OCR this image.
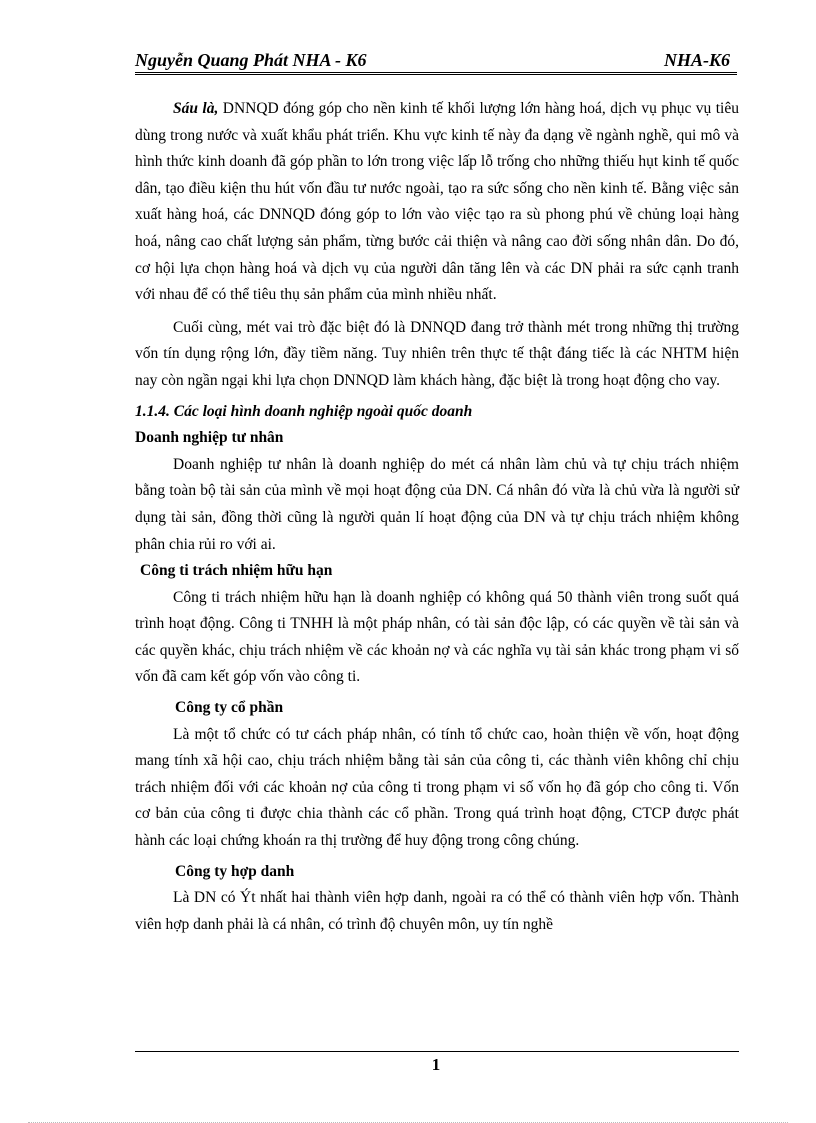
Nguyễn Quang Phát NHA - K6	NHA-K6

Sáu là, DNNQD đóng góp cho nền kinh tế khối lượng lớn hàng hoá, dịch vụ phục vụ tiêu dùng trong nước và xuất khẩu phát triển. Khu vực kinh tế này đa dạng về ngành nghề, qui mô và hình thức kinh doanh đã góp phần to lớn trong việc lấp lỗ trống cho những thiếu hụt kinh tế quốc dân, tạo điều kiện thu hút vốn đầu tư nước ngoài, tạo ra sức sống cho nền kinh tế. Bằng việc sản xuất hàng hoá, các DNNQD đóng góp to lớn vào việc tạo ra sù phong phú về chủng loại hàng hoá, nâng cao chất lượng sản phẩm, từng bước cải thiện và nâng cao đời sống nhân dân. Do đó, cơ hội lựa chọn hàng hoá và dịch vụ của người dân tăng lên và các DN phải ra sức cạnh tranh với nhau để có thể tiêu thụ sản phẩm của mình nhiều nhất.

Cuối cùng, mét vai trò đặc biệt đó là DNNQD đang trở thành mét trong những thị trường vốn tín dụng rộng lớn, đầy tiềm năng. Tuy nhiên trên thực tế thật đáng tiếc là các NHTM hiện nay còn ngần ngại khi lựa chọn DNNQD làm khách hàng, đặc biệt là trong hoạt động cho vay.

1.1.4. Các loại hình doanh nghiệp ngoài quốc doanh
Doanh nghiệp tư nhân

Doanh nghiệp tư nhân là doanh nghiệp do mét cá nhân làm chủ và tự chịu trách nhiệm bằng toàn bộ tài sản của mình về mọi hoạt động của DN. Cá nhân đó vừa là chủ vừa là người sử dụng tài sản, đồng thời cũng là người quản lí hoạt động của DN và tự chịu trách nhiệm không phân chia rủi ro với ai.

Công ti trách nhiệm hữu hạn

Công ti trách nhiệm hữu hạn là doanh nghiệp có không quá 50 thành viên trong suốt quá trình hoạt động. Công ti TNHH là một pháp nhân, có tài sản độc lập, có các quyền về tài sản và các quyền khác, chịu trách nhiệm về các khoản nợ và các nghĩa vụ tài sản khác trong phạm vi số vốn đã cam kết góp vốn vào công ti.

Công ty cổ phần

Là một tổ chức có tư cách pháp nhân, có tính tổ chức cao, hoàn thiện về vốn, hoạt động mang tính xã hội cao, chịu trách nhiệm bằng tài sản của công ti, các thành viên không chỉ chịu trách nhiệm đối với các khoản nợ của công ti trong phạm vi số vốn họ đã góp cho công ti. Vốn cơ bản của công ti được chia thành các cổ phần. Trong quá trình hoạt động, CTCP được phát hành các loại chứng khoán ra thị trường để huy động trong công chúng.

Công ty hợp danh

Là DN có Ýt nhất hai thành viên hợp danh, ngoài ra có thể có thành viên hợp vốn. Thành viên hợp danh phải là cá nhân, có trình độ chuyên môn, uy tín nghề

1
